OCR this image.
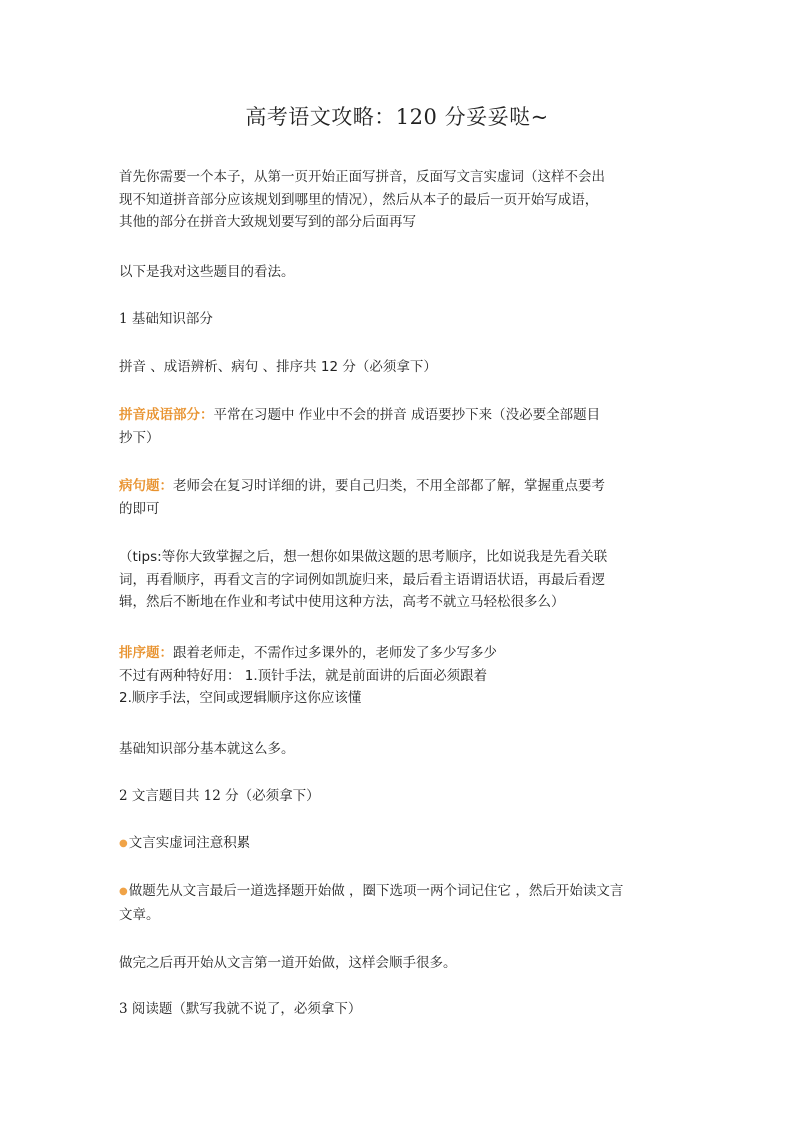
高考语文攻略：120 分妥妥哒~
首先你需要一个本子，从第一页开始正面写拼音，反面写文言实虚词（这样不会出
现不知道拼音部分应该规划到哪里的情况），然后从本子的最后一页开始写成语，
其他的部分在拼音大致规划要写到的部分后面再写
以下是我对这些题目的看法。
1 基础知识部分
拼音 、成语辨析、病句 、排序共 12 分（必须拿下）
拼音成语部分：平常在习题中 作业中不会的拼音 成语要抄下来（没必要全部题目
抄下）
病句题：老师会在复习时详细的讲，要自己归类，不用全部都了解，掌握重点要考
的即可
（tips:等你大致掌握之后，想一想你如果做这题的思考顺序，比如说我是先看关联
词，再看顺序，再看文言的字词例如凯旋归来，最后看主语谓语状语，再最后看逻
辑，然后不断地在作业和考试中使用这种方法，高考不就立马轻松很多么）
排序题：跟着老师走，不需作过多课外的，老师发了多少写多少
不过有两种特好用： 1.顶针手法，就是前面讲的后面必须跟着
2.顺序手法，空间或逻辑顺序这你应该懂
基础知识部分基本就这么多。
2 文言题目共 12 分（必须拿下）
●文言实虚词注意积累
●做题先从文言最后一道选择题开始做 ，圈下选项一两个词记住它 ，然后开始读文言
文章。
做完之后再开始从文言第一道开始做，这样会顺手很多。
3 阅读题（默写我就不说了，必须拿下）
